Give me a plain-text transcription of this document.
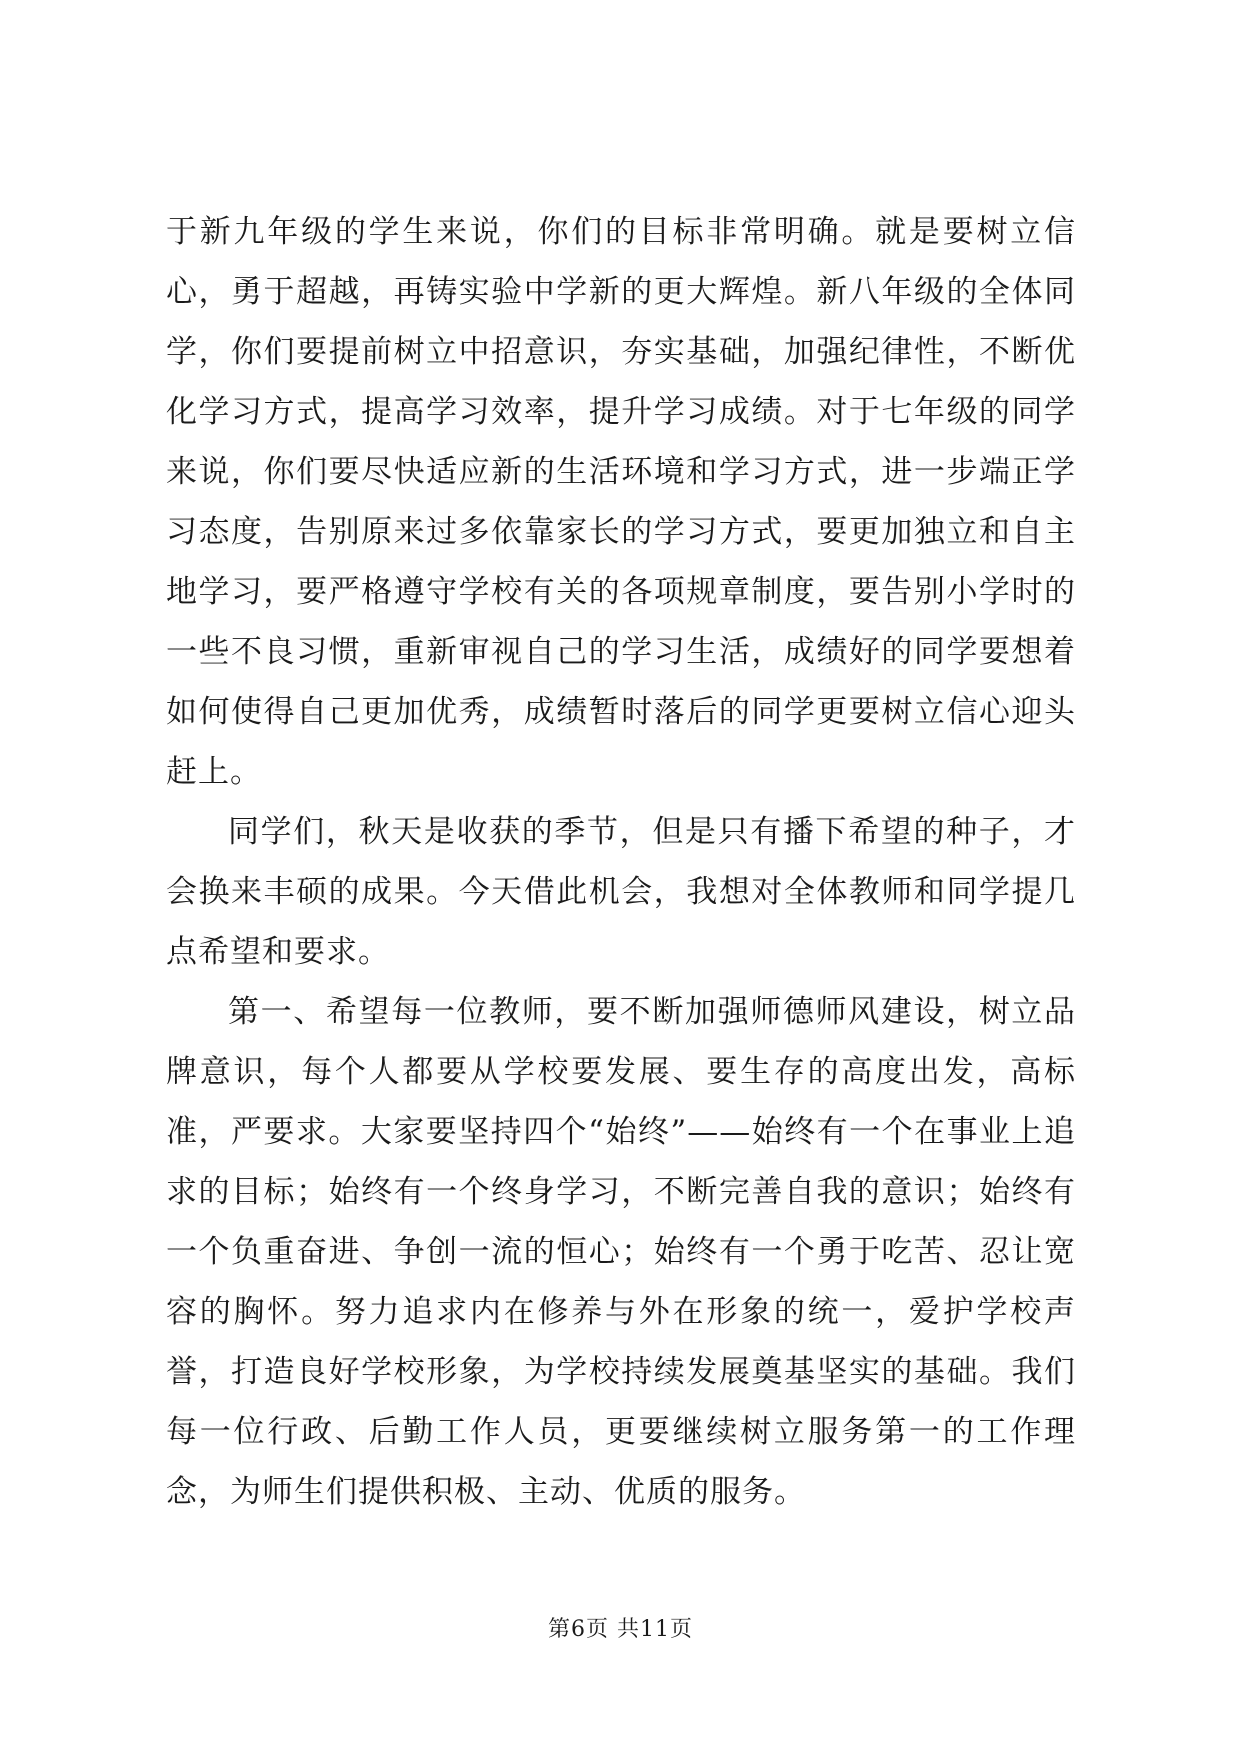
于新九年级的学生来说，你们的目标非常明确。就是要树立信心，勇于超越，再铸实验中学新的更大辉煌。新八年级的全体同学，你们要提前树立中招意识，夯实基础，加强纪律性，不断优化学习方式，提高学习效率，提升学习成绩。对于七年级的同学来说，你们要尽快适应新的生活环境和学习方式，进一步端正学习态度，告别原来过多依靠家长的学习方式，要更加独立和自主地学习，要严格遵守学校有关的各项规章制度，要告别小学时的一些不良习惯，重新审视自己的学习生活，成绩好的同学要想着如何使得自己更加优秀，成绩暂时落后的同学更要树立信心迎头赶上。

同学们，秋天是收获的季节，但是只有播下希望的种子，才会换来丰硕的成果。今天借此机会，我想对全体教师和同学提几点希望和要求。

第一、希望每一位教师，要不断加强师德师风建设，树立品牌意识，每个人都要从学校要发展、要生存的高度出发，高标准，严要求。大家要坚持四个“始终”——始终有一个在事业上追求的目标；始终有一个终身学习，不断完善自我的意识；始终有一个负重奋进、争创一流的恒心；始终有一个勇于吃苦、忍让宽容的胸怀。努力追求内在修养与外在形象的统一，爱护学校声誉，打造良好学校形象，为学校持续发展奠基坚实的基础。我们每一位行政、后勤工作人员，更要继续树立服务第一的工作理念，为师生们提供积极、主动、优质的服务。

第6页 共11页
